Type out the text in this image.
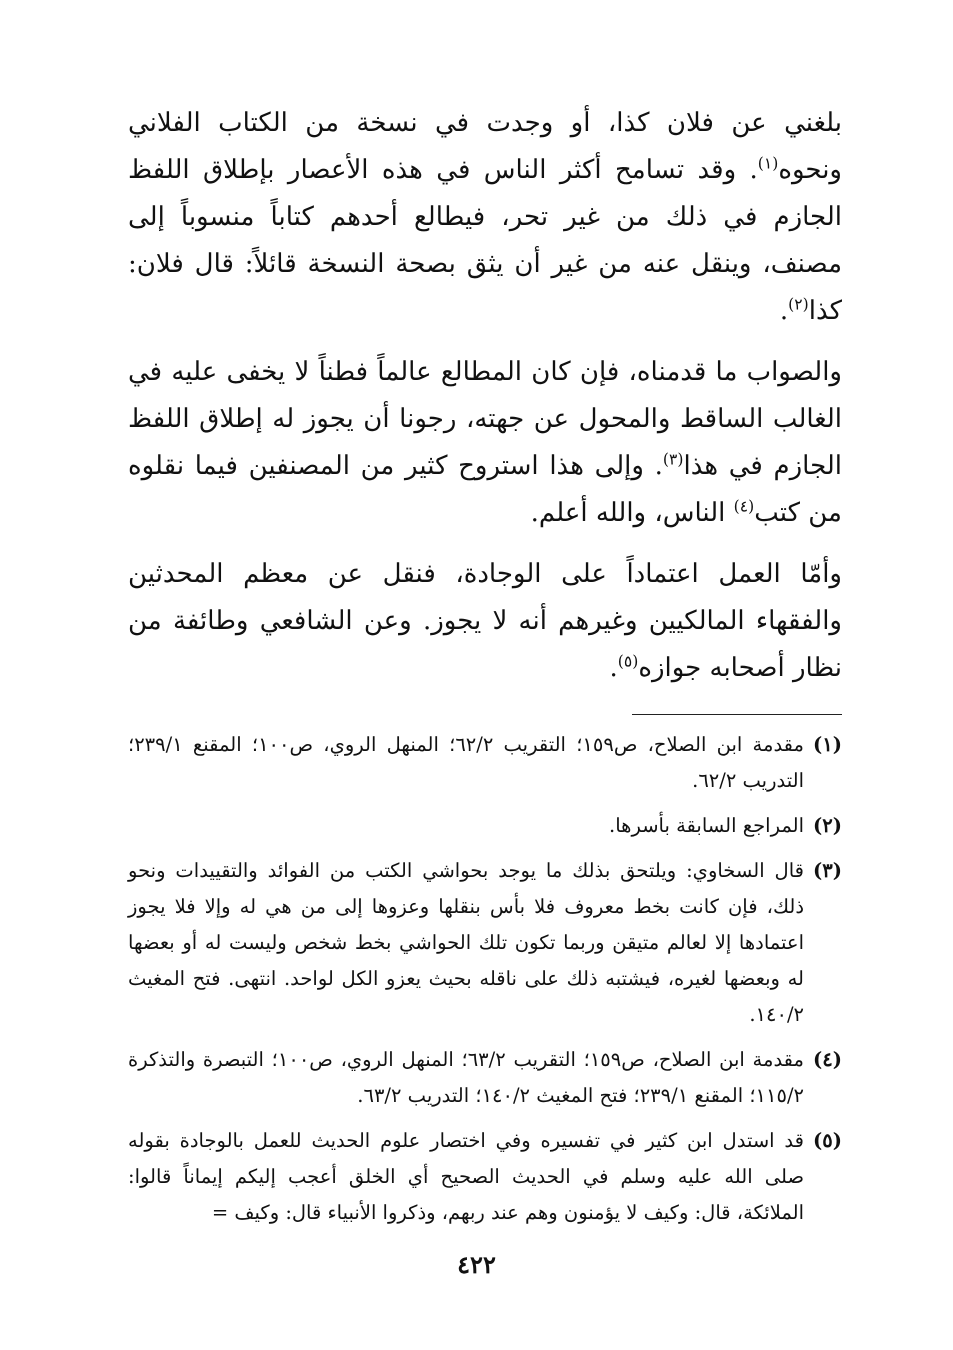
بلغني عن فلان كذا، أو وجدت في نسخة من الكتاب الفلاني ونحوه$^{(١)}$. وقد تسامح أكثر الناس في هذه الأعصار بإطلاق اللفظ الجازم في ذلك من غير تحر، فيطالع أحدهم كتاباً منسوباً إلى مصنف، وينقل عنه من غير أن يثق بصحة النسخة قائلاً: قال فلان: كذا$^{(٢)}$.

والصواب ما قدمناه، فإن كان المطالع عالماً فطناً لا يخفى عليه في الغالب الساقط والمحول عن جهته، رجونا أن يجوز له إطلاق اللفظ الجازم في هذا$^{(٣)}$. وإلى هذا استروح كثير من المصنفين فيما نقلوه من كتب$^{(٤)}$ الناس، والله أعلم.

وأمّا العمل اعتماداً على الوجادة، فنقل عن معظم المحدثين والفقهاء المالكيين وغيرهم أنه لا يجوز. وعن الشافعي وطائفة من نظار أصحابه جوازه$^{(٥)}$.

(١)
مقدمة ابن الصلاح، ص١٥٩؛ التقريب ٦٢/٢؛ المنهل الروي، ص١٠٠؛ المقنع ٢٣٩/١؛ التدريب ٦٢/٢.
(٢)
المراجع السابقة بأسرها.
(٣)
قال السخاوي: ويلتحق بذلك ما يوجد بحواشي الكتب من الفوائد والتقييدات ونحو ذلك، فإن كانت بخط معروف فلا بأس بنقلها وعزوها إلى من هي له وإلا فلا يجوز اعتمادها إلا لعالم متيقن وربما تكون تلك الحواشي بخط شخص وليست له أو بعضها له وبعضها لغيره، فيشتبه ذلك على ناقله بحيث يعزو الكل لواحد. انتهى. فتح المغيث ١٤٠/٢.
(٤)
مقدمة ابن الصلاح، ص١٥٩؛ التقريب ٦٣/٢؛ المنهل الروي، ص١٠٠؛ التبصرة والتذكرة ١١٥/٢؛ المقنع ٢٣٩/١؛ فتح المغيث ١٤٠/٢؛ التدريب ٦٣/٢.
(٥)
قد استدل ابن كثير في تفسيره وفي اختصار علوم الحديث للعمل بالوجادة بقوله صلى الله عليه وسلم في الحديث الصحيح أي الخلق أعجب إليكم إيماناً قالوا: الملائكة، قال: وكيف لا يؤمنون وهم عند ربهم، وذكروا الأنبياء قال: وكيف =
٤٢٢
